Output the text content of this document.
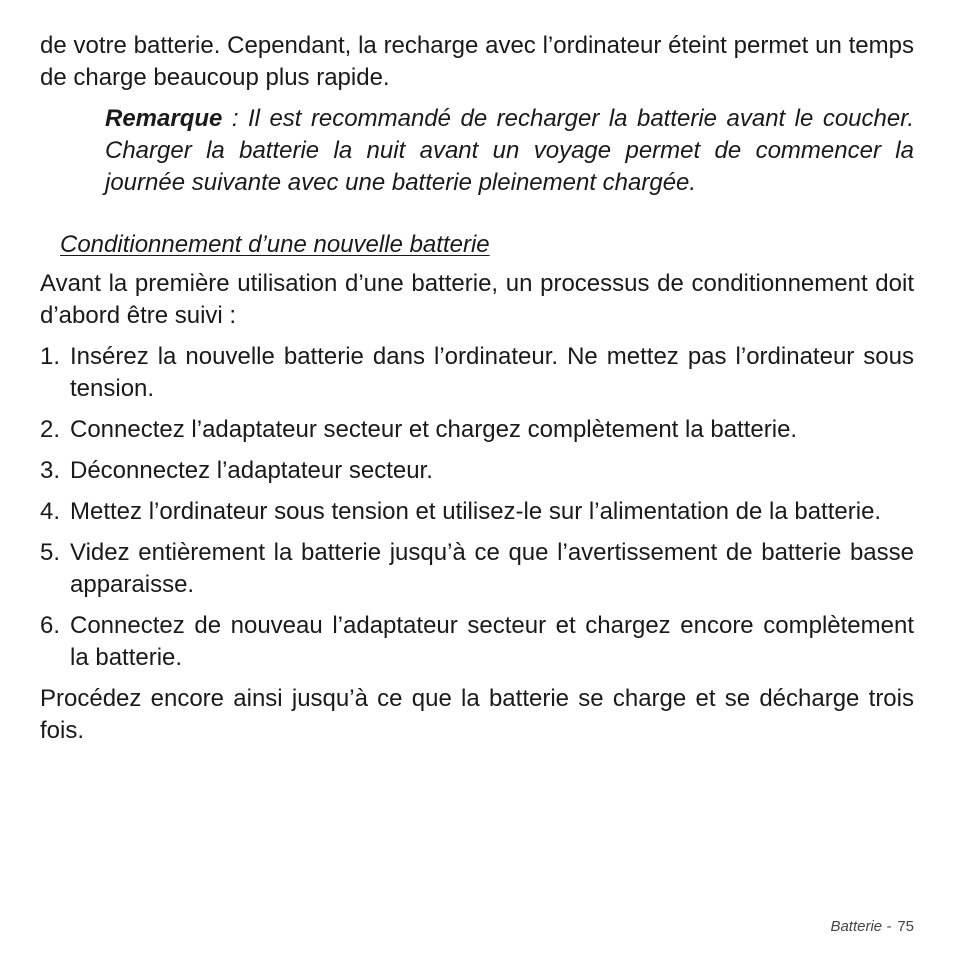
de votre batterie. Cependant, la recharge avec l’ordinateur éteint permet un temps de charge beaucoup plus rapide.

Remarque : Il est recommandé de recharger la batterie avant le coucher. Charger la batterie la nuit avant un voyage permet de commencer la journée suivante avec une batterie pleinement chargée.
Conditionnement d’une nouvelle batterie

Avant la première utilisation d’une batterie, un processus de conditionnement doit d’abord être suivi :

1. Insérez la nouvelle batterie dans l’ordinateur. Ne mettez pas l’ordinateur sous tension.
2. Connectez l’adaptateur secteur et chargez complètement la batterie.
3. Déconnectez l’adaptateur secteur.
4. Mettez l’ordinateur sous tension et utilisez-le sur l’alimentation de la batterie.
5. Videz entièrement la batterie jusqu’à ce que l’avertissement de batterie basse apparaisse.
6. Connectez de nouveau l’adaptateur secteur et chargez encore complètement la batterie.

Procédez encore ainsi jusqu’à ce que la batterie se charge et se décharge trois fois.

Batterie - 75
